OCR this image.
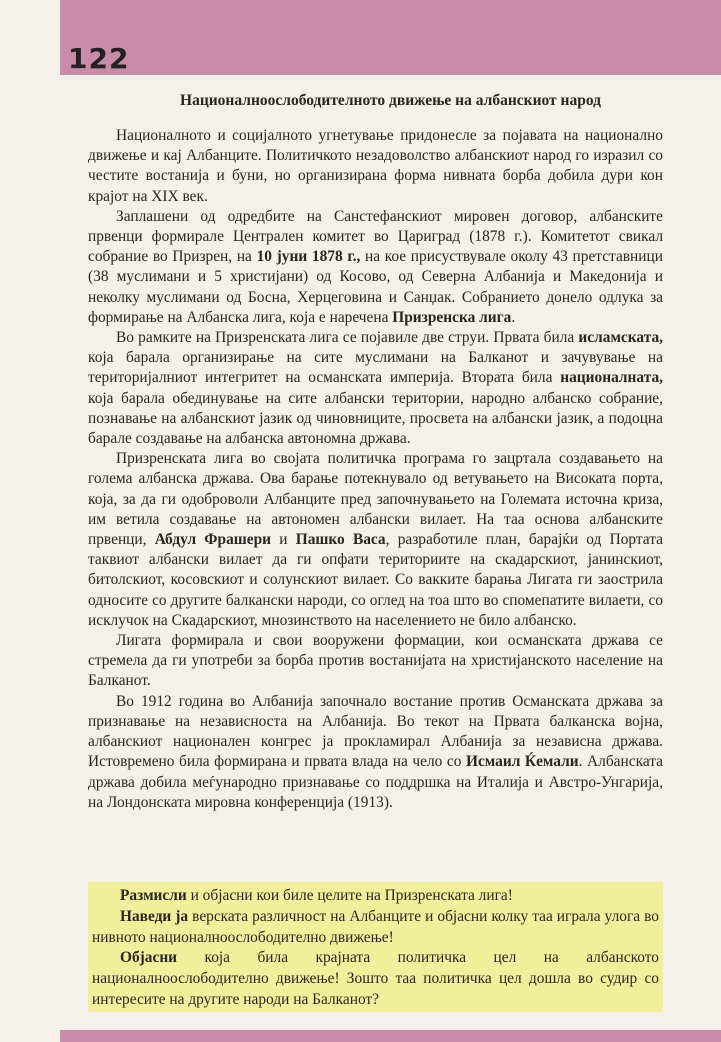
122
Националноослободителното движење на албанскиот народ

Националното и социјалното угнетување придонесле за појавата на национално движење и кај Албанците. Политичкото незадоволство албанскиот народ го изразил со честите востанија и буни, но организирана форма нивната борба добила дури кон крајот на XIX век.

Заплашени од одредбите на Санстефанскиот мировен договор, албанските првенци формирале Централен комитет во Цариград (1878 г.). Комитетот свикал собрание во Призрен, на 10 јуни 1878 г., на кое присуствувале околу 43 претставници (38 муслимани и 5 христијани) од Косово, од Северна Албанија и Македонија и неколку муслимани од Босна, Херцеговина и Санџак. Собранието донело одлука за формирање на Албанска лига, која е наречена Призренска лига.

Во рамките на Призренската лига се појавиле две струи. Првата била исламската, која барала организирање на сите муслимани на Балканот и зачувување на територијалниот интегритет на османската империја. Втората била националната, која барала обединување на сите албански територии, народно албанско собрание, познавање на албанскиот јазик од чиновниците, просвета на албански јазик, а подоцна барале создавање на албанска автономна држава.

Призренската лига во својата политичка програма го зацртала создавањето на голема албанска држава. Ова барање потекнувало од ветувањето на Високата порта, која, за да ги одоброволи Албанците пред започнувањето на Големата источна криза, им ветила создавање на автономен албански вилает. На таа основа албанските првенци, Абдул Фрашери и Пашко Васа, разработиле план, барајќи од Портата таквиот албански вилает да ги опфати териториите на скадарскиот, јанинскиот, битолскиот, косовскиот и солунскиот вилает. Со вакките барања Лигата ги заострила односите со другите балкански народи, со оглед на тоа што во спомепатите вилаети, со исклучок на Скадарскиот, мнозинството на населението не било албанско.

Лигата формирала и свои вооружени формации, кои османската држава се стремела да ги употреби за борба против востанијата на христијанското население на Балканот.

Во 1912 година во Албанија започнало востание против Османската држава за признавање на независноста на Албанија. Во текот на Првата балканска војна, албанскиот национален конгрес ја прокламирал Албанија за независна држава. Истовремено била формирана и првата влада на чело со Исмаил Ќемали. Албанската држава добила меѓународно признавање со поддршка на Италија и Австро-Унгарија, на Лондонската мировна конференција (1913).

Размисли и објасни кои биле целите на Призренската лига!

Наведи ја верската различност на Албанците и објасни колку таа играла улога во нивното националноослободително движење!

Објасни која била крајната политичка цел на албанското националноослободително движење! Зошто таа политичка цел дошла во судир со интересите на другите народи на Балканот?
